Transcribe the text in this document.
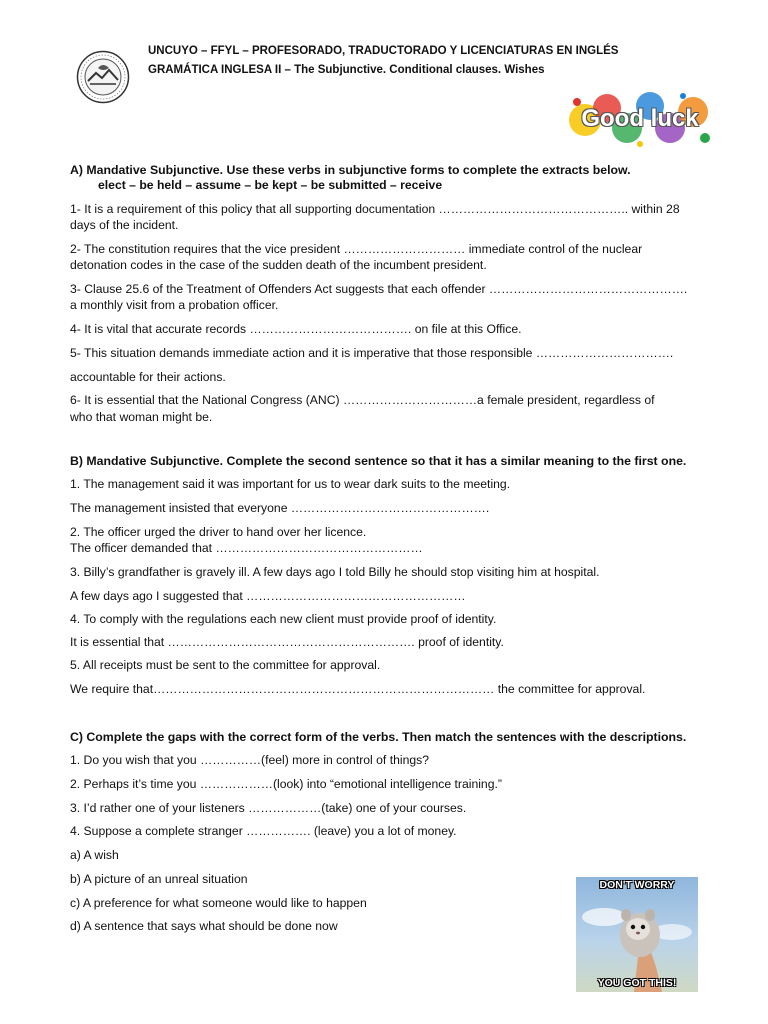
UNCUYO – FFYL – PROFESORADO, TRADUCTORADO Y LICENCIATURAS EN INGLÉS
GRAMÁTICA INGLESA II – The Subjunctive. Conditional clauses. Wishes
Good luck
A) Mandative Subjunctive. Use these verbs in subjunctive forms to complete the extracts below.
elect – be held – assume – be kept – be submitted – receive
1- It is a requirement of this policy that all supporting documentation ……………………………………….. within 28
days of the incident.
2- The constitution requires that the vice president ………………………… immediate control of the nuclear
detonation codes in the case of the sudden death of the incumbent president.
3- Clause 25.6 of the Treatment of Offenders Act suggests that each offender ………………………………………….
a monthly visit from a probation officer.
4- It is vital that accurate records …………………………………. on file at this Office.
5- This situation demands immediate action and it is imperative that those responsible …………………………….
accountable for their actions.
6- It is essential that the National Congress (ANC) ……………………………a female president, regardless of
who that woman might be.
B) Mandative Subjunctive. Complete the second sentence so that it has a similar meaning to the first one.
1. The management said it was important for us to wear dark suits to the meeting.
The management insisted that everyone ………………………………………….
2. The officer urged the driver to hand over her licence.
The officer demanded that ……………………………………………
3. Billy’s grandfather is gravely ill. A few days ago I told Billy he should stop visiting him at hospital.
A few days ago I suggested that ………………………………………………
4. To comply with the regulations each new client must provide proof of identity.
It is essential that ……………………………………………………. proof of identity.
5. All receipts must be sent to the committee for approval.
We require that………………………………………………………………………… the committee for approval.
C) Complete the gaps with the correct form of the verbs. Then match the sentences with the descriptions.
1. Do you wish that you ……………(feel) more in control of things?
2. Perhaps it’s time you ………………(look) into “emotional intelligence training.”
3. I’d rather one of your listeners ………………(take) one of your courses.
4. Suppose a complete stranger ……………. (leave) you a lot of money.
a) A wish
b) A picture of an unreal situation
c) A preference for what someone would like to happen
d) A sentence that says what should be done now
DON'T WORRY
YOU GOT THIS!
